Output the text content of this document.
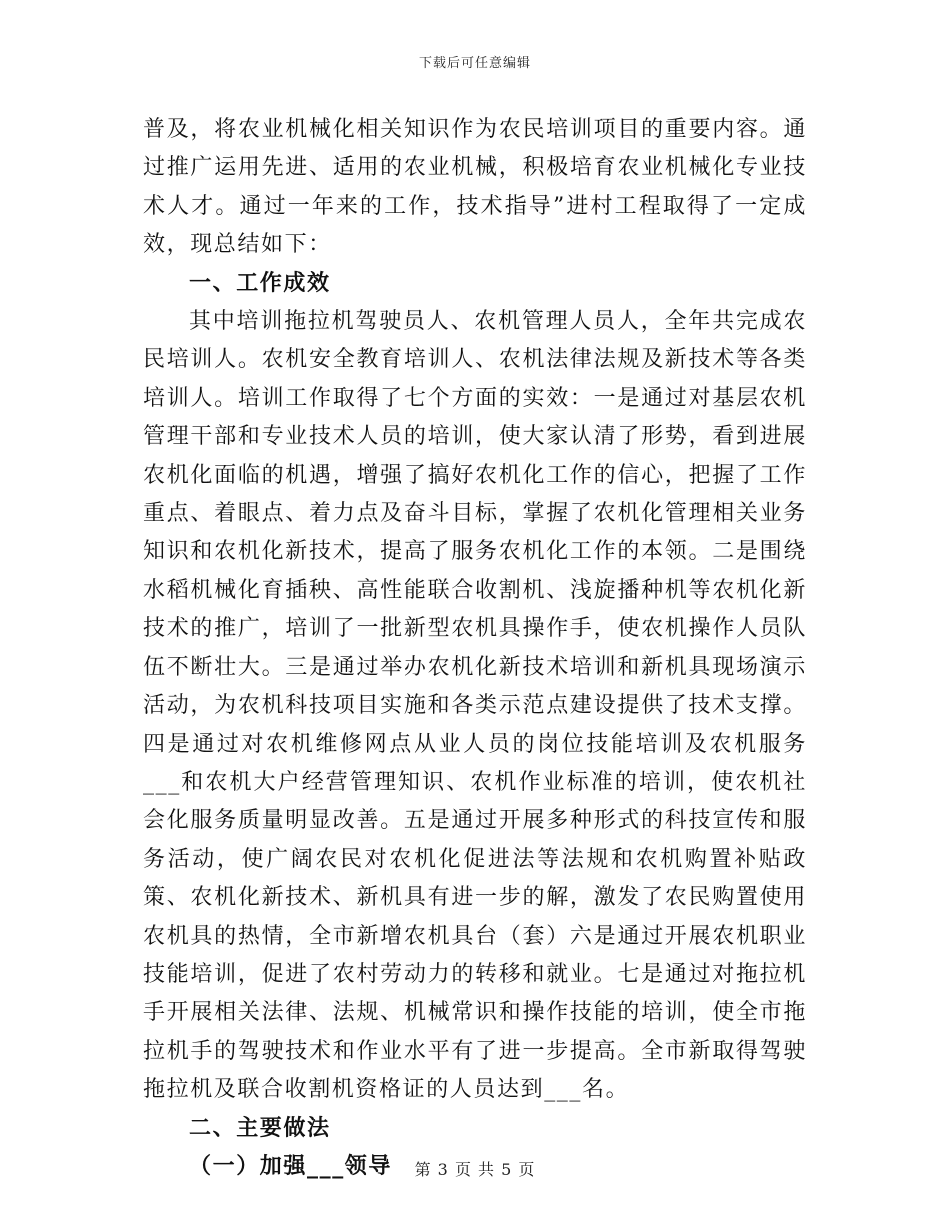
下载后可任意编辑

普及，将农业机械化相关知识作为农民培训项目的重要内容。通过推广运用先进、适用的农业机械，积极培育农业机械化专业技术人才。通过一年来的工作，技术指导”进村工程取得了一定成效，现总结如下：

一、工作成效

其中培训拖拉机驾驶员人、农机管理人员人，全年共完成农民培训人。农机安全教育培训人、农机法律法规及新技术等各类培训人。培训工作取得了七个方面的实效：一是通过对基层农机管理干部和专业技术人员的培训，使大家认清了形势，看到进展农机化面临的机遇，增强了搞好农机化工作的信心，把握了工作重点、着眼点、着力点及奋斗目标，掌握了农机化管理相关业务知识和农机化新技术，提高了服务农机化工作的本领。二是围绕水稻机械化育插秧、高性能联合收割机、浅旋播种机等农机化新技术的推广，培训了一批新型农机具操作手，使农机操作人员队伍不断壮大。三是通过举办农机化新技术培训和新机具现场演示活动，为农机科技项目实施和各类示范点建设提供了技术支撑。四是通过对农机维修网点从业人员的岗位技能培训及农机服务___和农机大户经营管理知识、农机作业标准的培训，使农机社会化服务质量明显改善。五是通过开展多种形式的科技宣传和服务活动，使广阔农民对农机化促进法等法规和农机购置补贴政策、农机化新技术、新机具有进一步的解，激发了农民购置使用农机具的热情，全市新增农机具台（套）六是通过开展农机职业技能培训，促进了农村劳动力的转移和就业。七是通过对拖拉机手开展相关法律、法规、机械常识和操作技能的培训，使全市拖拉机手的驾驶技术和作业水平有了进一步提高。全市新取得驾驶拖拉机及联合收割机资格证的人员达到___名。

二、主要做法

（一）加强___领导	第 3 页 共 5 页
